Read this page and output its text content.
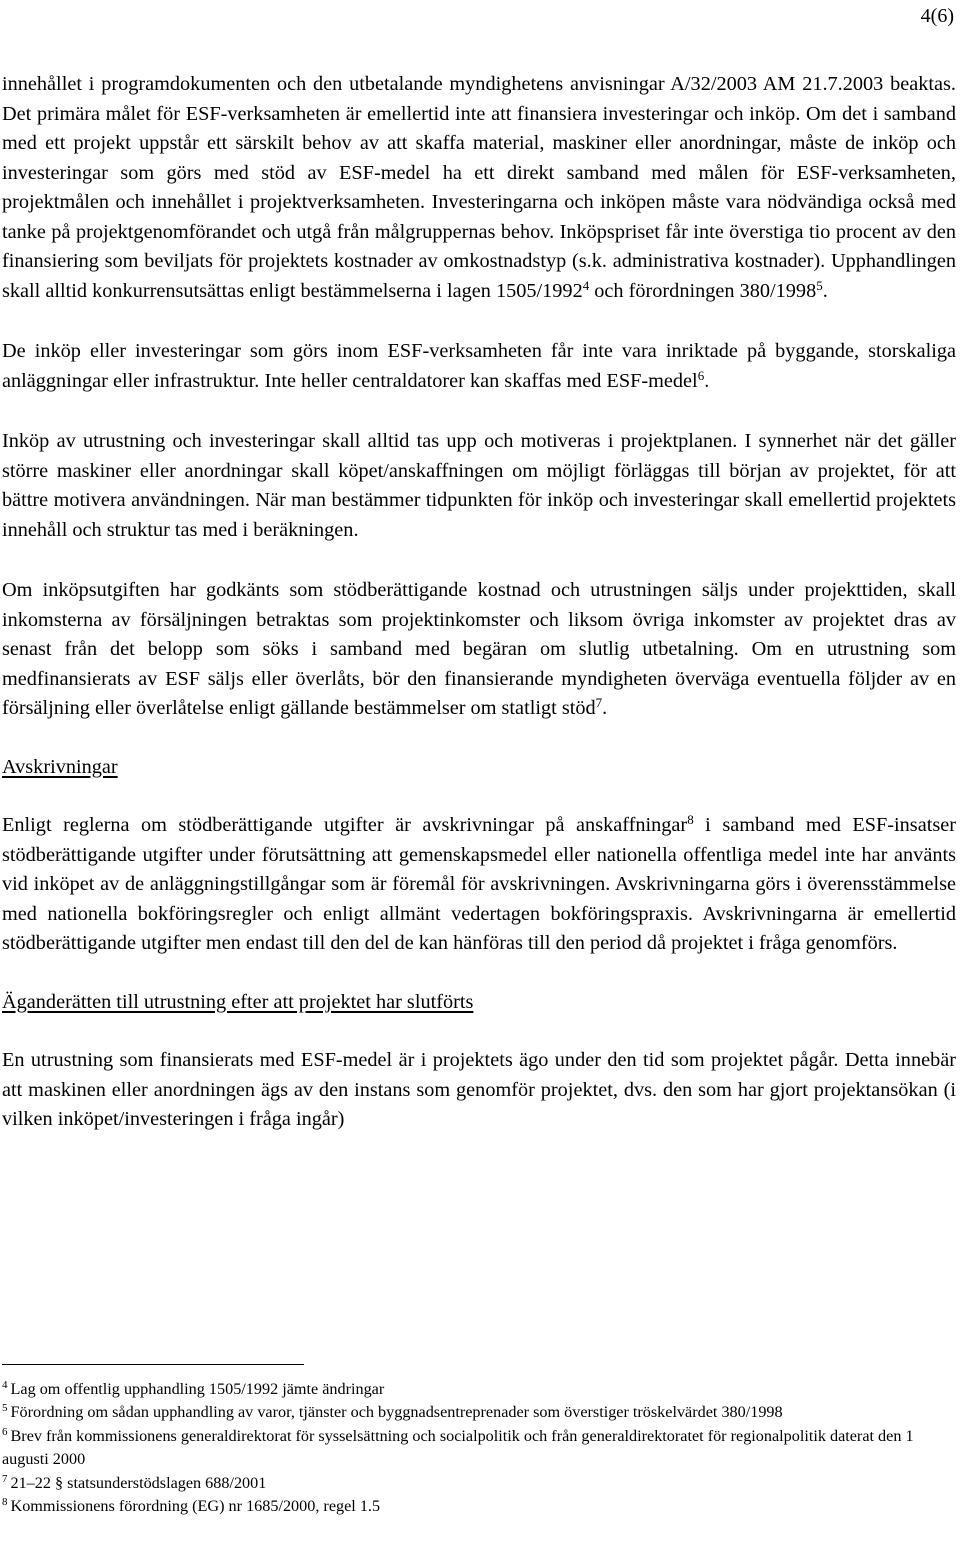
4(6)

innehållet i programdokumenten och den utbetalande myndighetens anvisningar A/32/2003 AM 21.7.2003 beaktas. Det primära målet för ESF-verksamheten är emellertid inte att finansiera investeringar och inköp. Om det i samband med ett projekt uppstår ett särskilt behov av att skaffa material, maskiner eller anordningar, måste de inköp och investeringar som görs med stöd av ESF-medel ha ett direkt samband med målen för ESF-verksamheten, projektmålen och innehållet i projektverksamheten. Investeringarna och inköpen måste vara nödvändiga också med tanke på projektgenomförandet och utgå från målgruppernas behov. Inköpspriset får inte överstiga tio procent av den finansiering som beviljats för projektets kostnader av omkostnadstyp (s.k. administrativa kostnader). Upphandlingen skall alltid konkurrensutsättas enligt bestämmelserna i lagen 1505/1992$^4$ och förordningen 380/1998$^5$.

De inköp eller investeringar som görs inom ESF-verksamheten får inte vara inriktade på byggande, storskaliga anläggningar eller infrastruktur. Inte heller centraldatorer kan skaffas med ESF-medel$^6$.

Inköp av utrustning och investeringar skall alltid tas upp och motiveras i projektplanen. I synnerhet när det gäller större maskiner eller anordningar skall köpet/anskaffningen om möjligt förläggas till början av projektet, för att bättre motivera användningen. När man bestämmer tidpunkten för inköp och investeringar skall emellertid projektets innehåll och struktur tas med i beräkningen.

Om inköpsutgiften har godkänts som stödberättigande kostnad och utrustningen säljs under projekttiden, skall inkomsterna av försäljningen betraktas som projektinkomster och liksom övriga inkomster av projektet dras av senast från det belopp som söks i samband med begäran om slutlig utbetalning. Om en utrustning som medfinansierats av ESF säljs eller överlåts, bör den finansierande myndigheten överväga eventuella följder av en försäljning eller överlåtelse enligt gällande bestämmelser om statligt stöd$^7$.

Avskrivningar

Enligt reglerna om stödberättigande utgifter är avskrivningar på anskaffningar$^8$ i samband med ESF-insatser stödberättigande utgifter under förutsättning att gemenskapsmedel eller nationella offentliga medel inte har använts vid inköpet av de anläggningstillgångar som är föremål för avskrivningen. Avskrivningarna görs i överensstämmelse med nationella bokföringsregler och enligt allmänt vedertagen bokföringspraxis. Avskrivningarna är emellertid stödberättigande utgifter men endast till den del de kan hänföras till den period då projektet i fråga genomförs.

Äganderätten till utrustning efter att projektet har slutförts

En utrustning som finansierats med ESF-medel är i projektets ägo under den tid som projektet pågår. Detta innebär att maskinen eller anordningen ägs av den instans som genomför projektet, dvs. den som har gjort projektansökan (i vilken inköpet/investeringen i fråga ingår)

$^4$ Lag om offentlig upphandling 1505/1992 jämte ändringar

$^5$ Förordning om sådan upphandling av varor, tjänster och byggnadsentreprenader som överstiger tröskelvärdet 380/1998

$^6$ Brev från kommissionens generaldirektorat för sysselsättning och socialpolitik och från generaldirektoratet för regionalpolitik daterat den 1 augusti 2000

$^7$ 21–22 § statsunderstödslagen 688/2001

$^8$ Kommissionens förordning (EG) nr 1685/2000, regel 1.5
